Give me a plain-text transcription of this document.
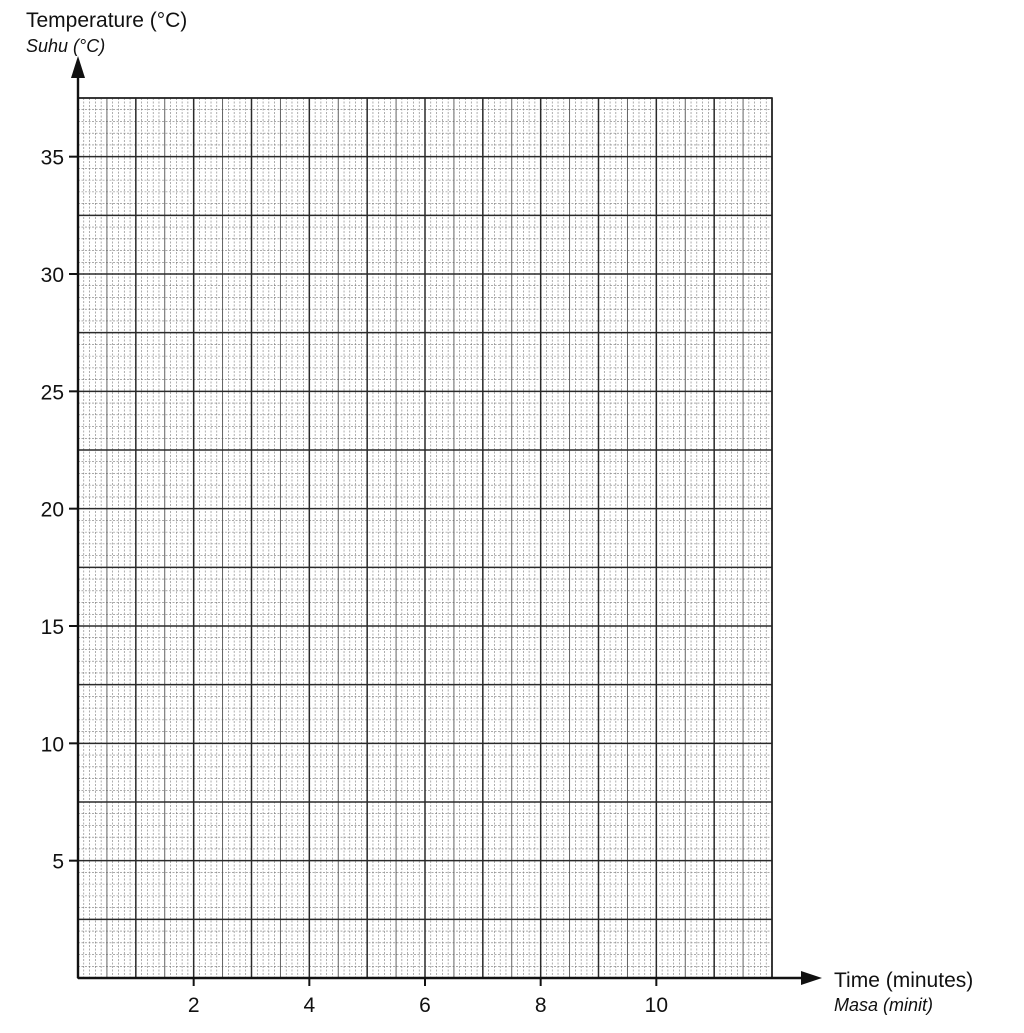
5
10
15
20
25
30
35
2	4	6	8	10
Temperature (°C)
Suhu (°C)
Time (minutes)
Masa (minit)
